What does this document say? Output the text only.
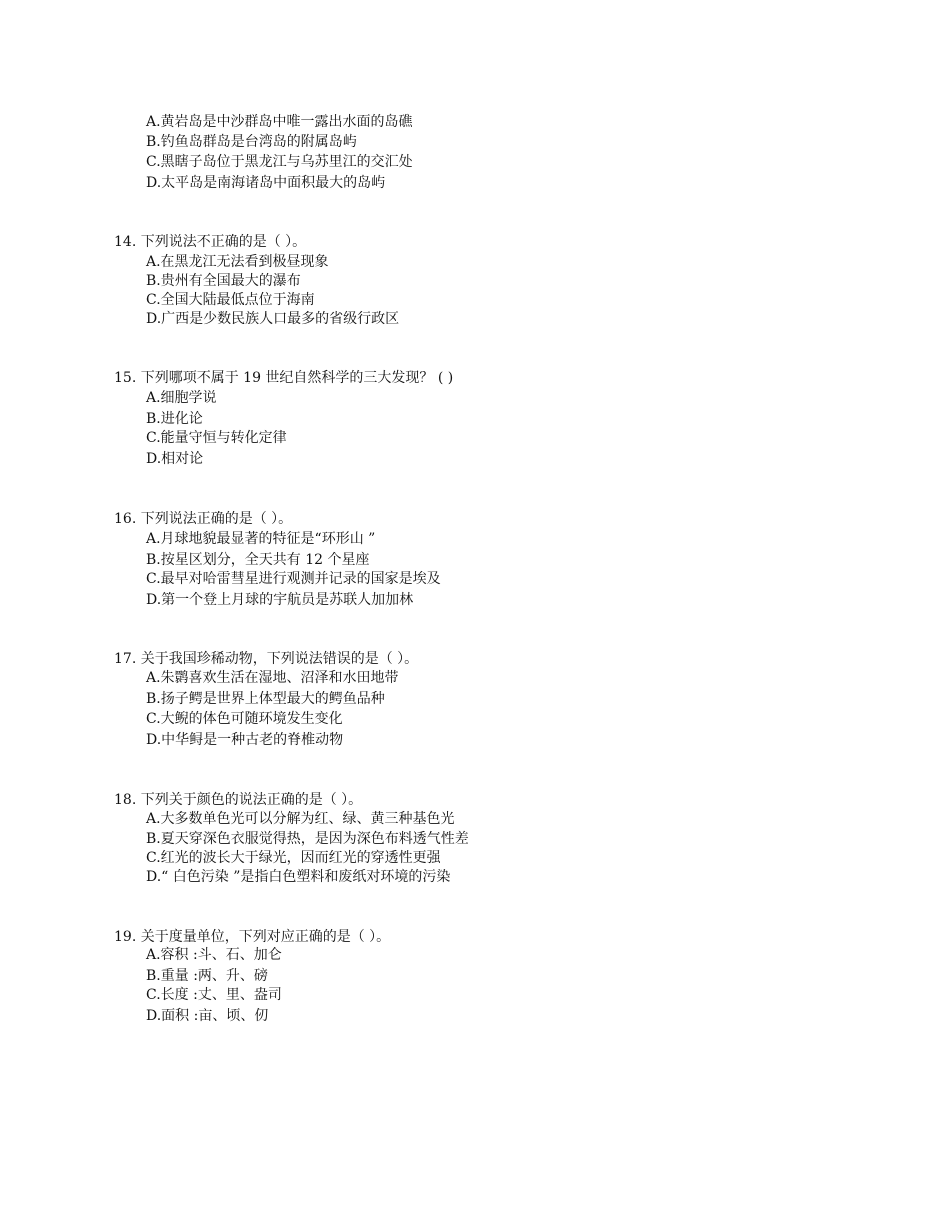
A.黄岩岛是中沙群岛中唯一露出水面的岛礁
B.钓鱼岛群岛是台湾岛的附属岛屿
C.黑瞎子岛位于黑龙江与乌苏里江的交汇处
D.太平岛是南海诸岛中面积最大的岛屿
14. 下列说法不正确的是（ ）。
A.在黑龙江无法看到极昼现象
B.贵州有全国最大的瀑布
C.全国大陆最低点位于海南
D.广西是少数民族人口最多的省级行政区
15. 下列哪项不属于 19 世纪自然科学的三大发现？ ( )
A.细胞学说
B.进化论
C.能量守恒与转化定律
D.相对论
16. 下列说法正确的是（ ）。
A.月球地貌最显著的特征是“环形山 ”
B.按星区划分，全天共有 12 个星座
C.最早对哈雷彗星进行观测并记录的国家是埃及
D.第一个登上月球的宇航员是苏联人加加林
17. 关于我国珍稀动物，下列说法错误的是（ ）。
A.朱鹮喜欢生活在湿地、沼泽和水田地带
B.扬子鳄是世界上体型最大的鳄鱼品种
C.大鲵的体色可随环境发生变化
D.中华鲟是一种古老的脊椎动物
18. 下列关于颜色的说法正确的是（ ）。
A.大多数单色光可以分解为红、绿、黄三种基色光
B.夏天穿深色衣服觉得热，是因为深色布料透气性差
C.红光的波长大于绿光，因而红光的穿透性更强
D.“ 白色污染 ”是指白色塑料和废纸对环境的污染
19. 关于度量单位，下列对应正确的是（ ）。
A.容积 :斗、石、加仑
B.重量 :两、升、磅
C.长度 :丈、里、盎司
D.面积 :亩、顷、仞
